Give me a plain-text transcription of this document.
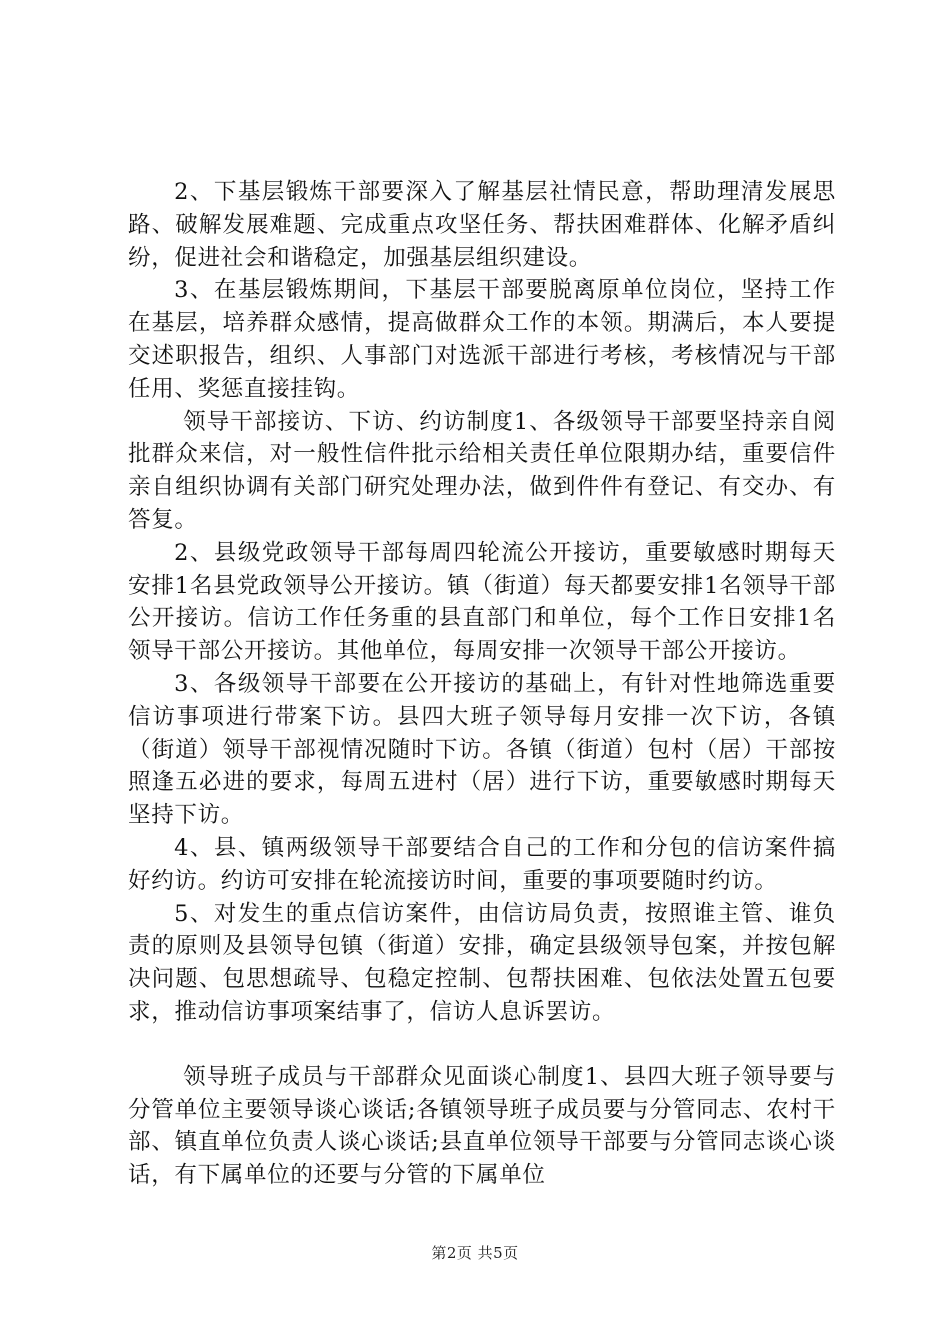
2、下基层锻炼干部要深入了解基层社情民意，帮助理清发展思路、破解发展难题、完成重点攻坚任务、帮扶困难群体、化解矛盾纠纷，促进社会和谐稳定，加强基层组织建设。

3、在基层锻炼期间，下基层干部要脱离原单位岗位，坚持工作在基层，培养群众感情，提高做群众工作的本领。期满后，本人要提交述职报告，组织、人事部门对选派干部进行考核，考核情况与干部任用、奖惩直接挂钩。

领导干部接访、下访、约访制度1、各级领导干部要坚持亲自阅批群众来信，对一般性信件批示给相关责任单位限期办结，重要信件亲自组织协调有关部门研究处理办法，做到件件有登记、有交办、有答复。

2、县级党政领导干部每周四轮流公开接访，重要敏感时期每天安排1名县党政领导公开接访。镇（街道）每天都要安排1名领导干部公开接访。信访工作任务重的县直部门和单位，每个工作日安排1名领导干部公开接访。其他单位，每周安排一次领导干部公开接访。

3、各级领导干部要在公开接访的基础上，有针对性地筛选重要信访事项进行带案下访。县四大班子领导每月安排一次下访，各镇（街道）领导干部视情况随时下访。各镇（街道）包村（居）干部按照逢五必进的要求，每周五进村（居）进行下访，重要敏感时期每天坚持下访。

4、县、镇两级领导干部要结合自己的工作和分包的信访案件搞好约访。约访可安排在轮流接访时间，重要的事项要随时约访。

5、对发生的重点信访案件，由信访局负责，按照谁主管、谁负责的原则及县领导包镇（街道）安排，确定县级领导包案，并按包解决问题、包思想疏导、包稳定控制、包帮扶困难、包依法处置五包要求，推动信访事项案结事了，信访人息诉罢访。

领导班子成员与干部群众见面谈心制度1、县四大班子领导要与分管单位主要领导谈心谈话;各镇领导班子成员要与分管同志、农村干部、镇直单位负责人谈心谈话;县直单位领导干部要与分管同志谈心谈话，有下属单位的还要与分管的下属单位

第2页 共5页
